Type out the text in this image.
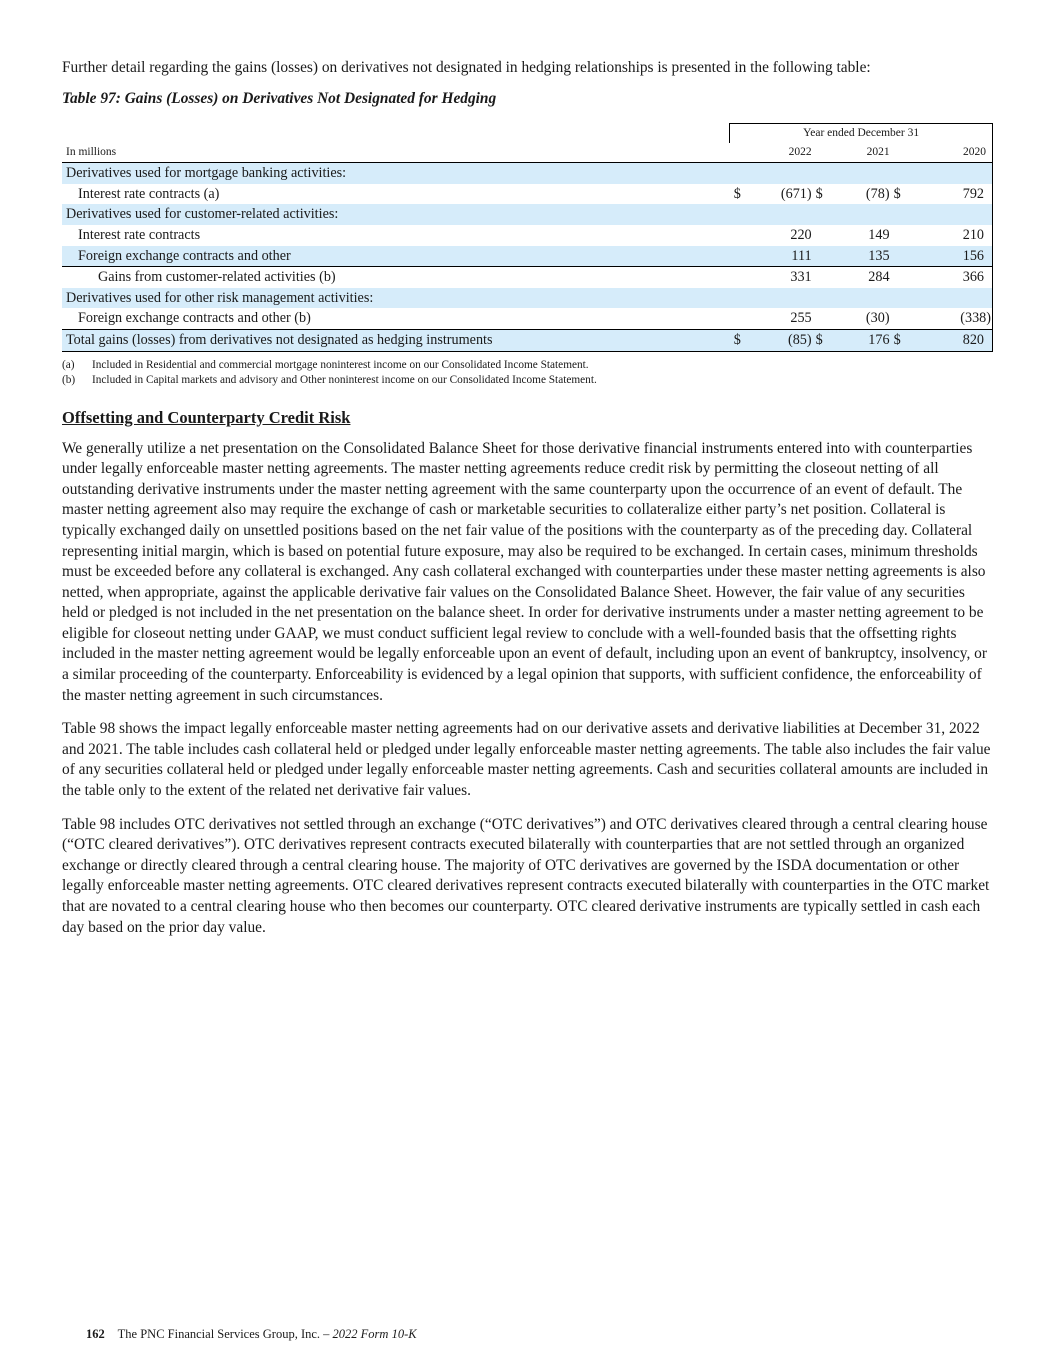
Further detail regarding the gains (losses) on derivatives not designated in hedging relationships is presented in the following table:

Table 97: Gains (Losses) on Derivatives Not Designated for Hedging

	Year ended December 31					
In millions		2022		2021		2020
Derivatives used for mortgage banking activities:						
Interest rate contracts (a)	$	(671)	$	(78)	$	792
Derivatives used for customer-related activities:						
Interest rate contracts		220		149		210
Foreign exchange contracts and other		111		135		156
Gains from customer-related activities (b)		331		284		366
Derivatives used for other risk management activities:						
Foreign exchange contracts and other (b)		255		(30)		(338)
Total gains (losses) from derivatives not designated as hedging instruments	$	(85)	$	176	$	820
(a)	Included in Residential and commercial mortgage noninterest income on our Consolidated Income Statement.
(b)	Included in Capital markets and advisory and Other noninterest income on our Consolidated Income Statement.
Offsetting and Counterparty Credit Risk

We generally utilize a net presentation on the Consolidated Balance Sheet for those derivative financial instruments entered into with counterparties under legally enforceable master netting agreements. The master netting agreements reduce credit risk by permitting the closeout netting of all outstanding derivative instruments under the master netting agreement with the same counterparty upon the occurrence of an event of default. The master netting agreement also may require the exchange of cash or marketable securities to collateralize either party’s net position. Collateral is typically exchanged daily on unsettled positions based on the net fair value of the positions with the counterparty as of the preceding day. Collateral representing initial margin, which is based on potential future exposure, may also be required to be exchanged. In certain cases, minimum thresholds must be exceeded before any collateral is exchanged. Any cash collateral exchanged with counterparties under these master netting agreements is also netted, when appropriate, against the applicable derivative fair values on the Consolidated Balance Sheet. However, the fair value of any securities held or pledged is not included in the net presentation on the balance sheet. In order for derivative instruments under a master netting agreement to be eligible for closeout netting under GAAP, we must conduct sufficient legal review to conclude with a well-founded basis that the offsetting rights included in the master netting agreement would be legally enforceable upon an event of default, including upon an event of bankruptcy, insolvency, or a similar proceeding of the counterparty. Enforceability is evidenced by a legal opinion that supports, with sufficient confidence, the enforceability of the master netting agreement in such circumstances.

Table 98 shows the impact legally enforceable master netting agreements had on our derivative assets and derivative liabilities at December 31, 2022 and 2021. The table includes cash collateral held or pledged under legally enforceable master netting agreements. The table also includes the fair value of any securities collateral held or pledged under legally enforceable master netting agreements. Cash and securities collateral amounts are included in the table only to the extent of the related net derivative fair values.

Table 98 includes OTC derivatives not settled through an exchange (“OTC derivatives”) and OTC derivatives cleared through a central clearing house (“OTC cleared derivatives”). OTC derivatives represent contracts executed bilaterally with counterparties that are not settled through an organized exchange or directly cleared through a central clearing house. The majority of OTC derivatives are governed by the ISDA documentation or other legally enforceable master netting agreements. OTC cleared derivatives represent contracts executed bilaterally with counterparties in the OTC market that are novated to a central clearing house who then becomes our counterparty. OTC cleared derivative instruments are typically settled in cash each day based on the prior day value.

162 The PNC Financial Services Group, Inc. – 2022 Form 10-K
